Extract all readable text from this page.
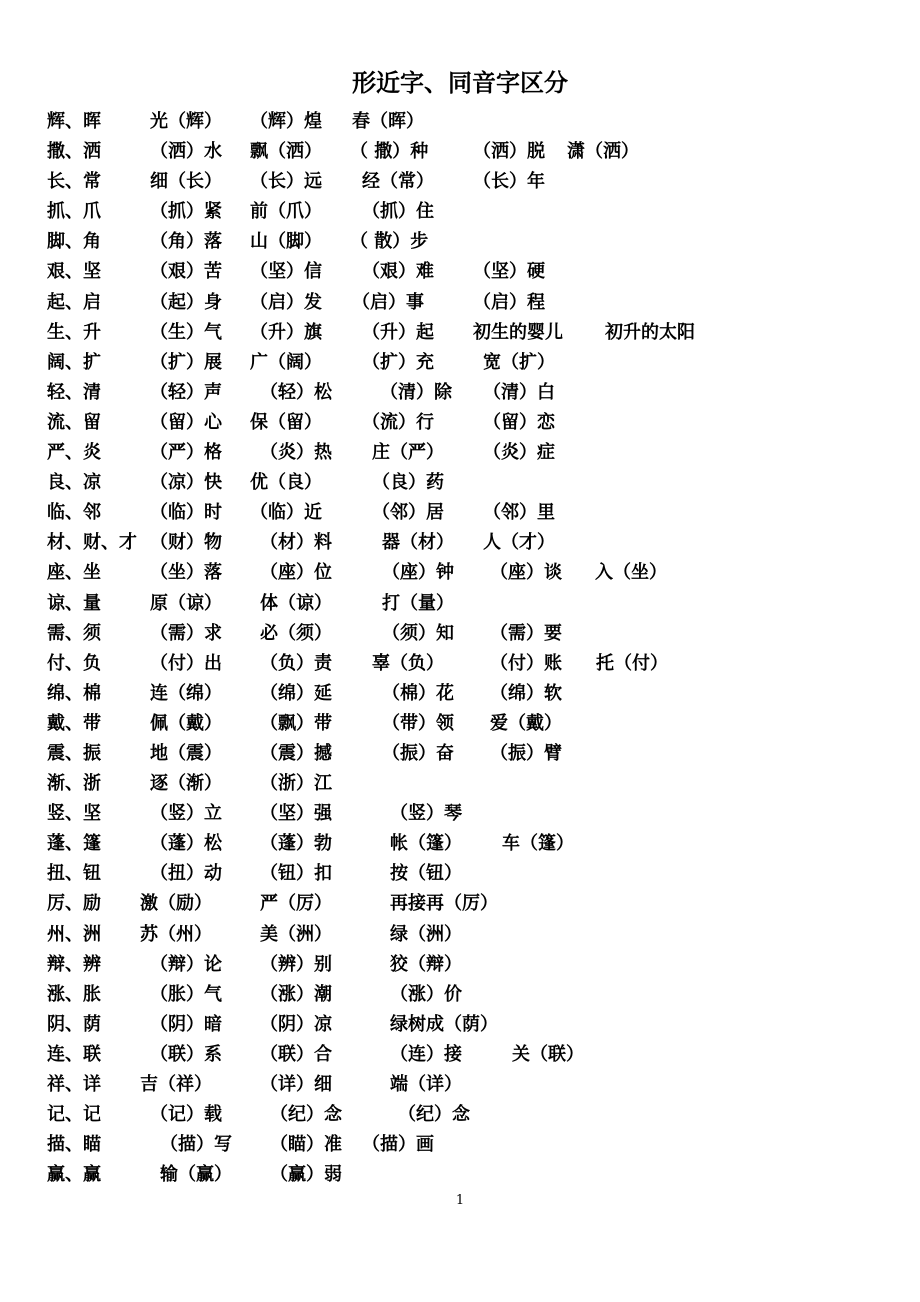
形近字、同音字区分
辉、晖	光（辉） （辉）煌 春（晖）
撒、洒	（洒）水 飘（洒） （ 撒）种 （洒）脱 潇（洒）
长、常	细（长） （长）远 经（常） （长）年
抓、爪	（抓）紧 前（爪） （抓）住
脚、角	（角）落 山（脚） （ 散）步
艰、坚	（艰）苦 （坚）信 （艰）难 （坚）硬
起、启	（起）身 （启）发 （启）事	（启）程
生、升	（生）气 （升）旗 （升）起 初生的婴儿 初升的太阳
阔、扩	（扩）展 广（阔） （扩）充	宽（扩）
轻、清	（轻）声 （轻）松	（清）除 （清）白
流、留	（留）心 保（留） （流）行	（留）恋
严、炎	（严）格 （炎）热 庄（严） （炎）症
良、凉	（凉）快 优（良）	（良）药
临、邻	（临）时 （临）近	（邻）居 （邻）里
材、财、才 （财）物 （材）料	器（材） 人（才）
座、坐	（坐）落 （座）位	（座）钟 （座）谈 入（坐）
谅、量	原（谅） 体（谅）	打（量）
需、须	（需）求 必（须）	（须）知 （需）要
付、负	（付）出 （负）责 辜（负）	（付）账 托（付）
绵、棉	连（绵） （绵）延	（棉）花 （绵）软
戴、带	佩（戴） （飘）带	（带）领 爱（戴）
震、振	地（震） （震）撼	（振）奋 （振）臂
渐、浙	逐（渐） （浙）江
竖、坚	（竖）立 （坚）强	（竖）琴
蓬、篷	（蓬）松 （蓬）勃	帐（篷） 车（篷）
扭、钮	（扭）动 （钮）扣	按（钮）
厉、励 激（励）	严（厉）	再接再（厉）
州、洲 苏（州）	美（洲）	绿（洲）
辩、辨	（辩）论 （辨）别	狡（辩）
涨、胀	（胀）气 （涨）潮	（涨）价
阴、荫	（阴）暗 （阴）凉	绿树成（荫）
连、联	（联）系 （联）合	（连）接	关（联）
祥、详 吉（祥）	（详）细	端（详）
记、记	（记）载	（纪）念	（纪）念
描、瞄	（描）写 （瞄）准 （描）画
赢、赢	输（赢） （赢）弱
1
